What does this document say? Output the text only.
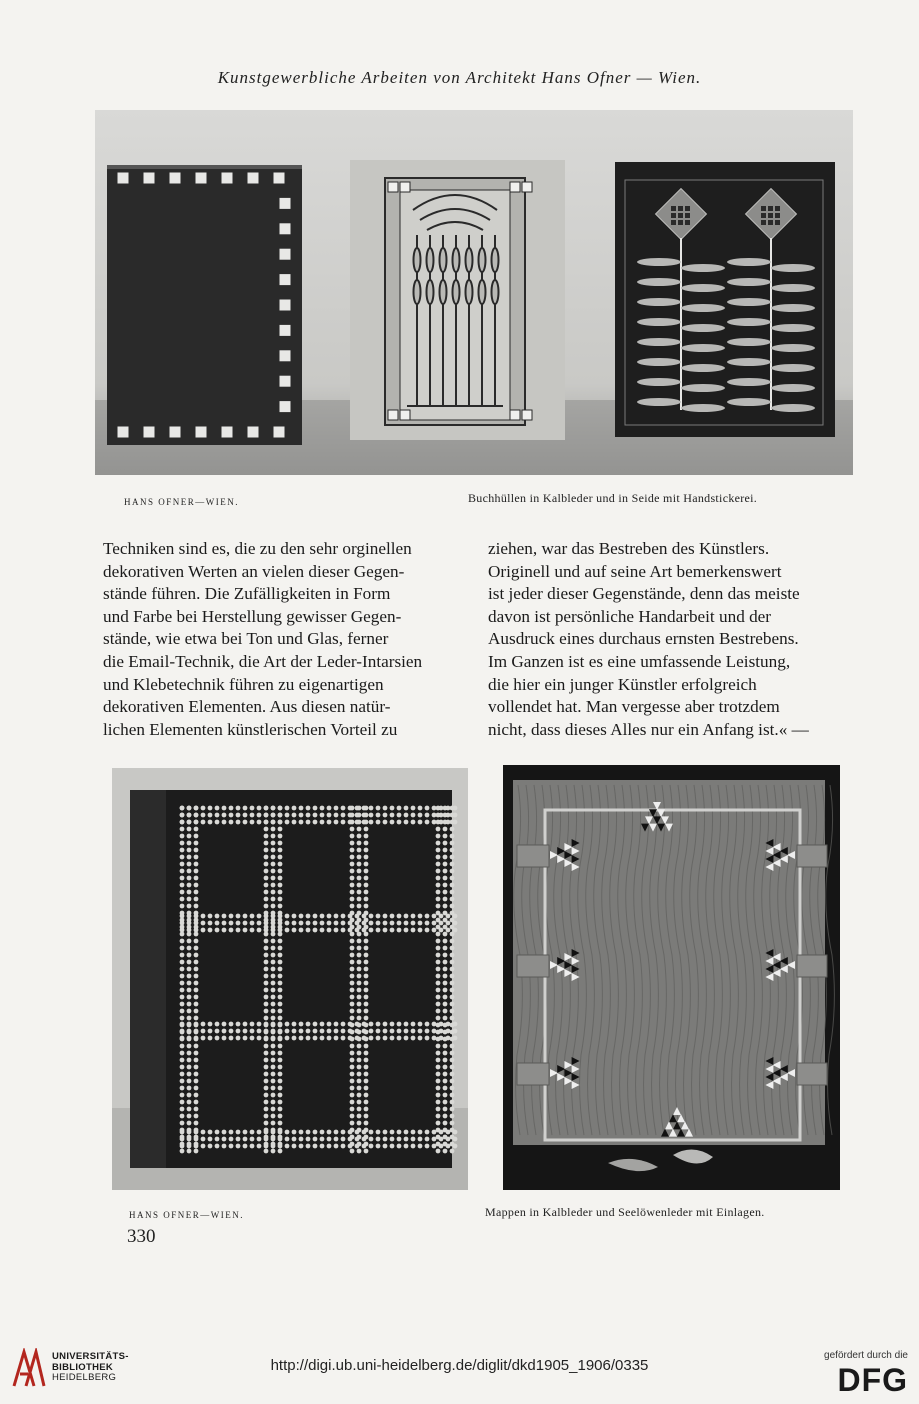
Kunstgewerbliche Arbeiten von Architekt Hans Ofner — Wien.
HANS OFNER—WIEN.	Buchhüllen in Kalbleder und in Seide mit Handstickerei.
Techniken sind es, die zu den sehr orginellen
dekorativen Werten an vielen dieser Gegen-
stände führen. Die Zufälligkeiten in Form
und Farbe bei Herstellung gewisser Gegen-
stände, wie etwa bei Ton und Glas, ferner
die Email-Technik, die Art der Leder-Intarsien
und Klebetechnik führen zu eigenartigen
dekorativen Elementen. Aus diesen natür-
lichen Elementen künstlerischen Vorteil zu
ziehen, war das Bestreben des Künstlers.
Originell und auf seine Art bemerkenswert
ist jeder dieser Gegenstände, denn das meiste
davon ist persönliche Handarbeit und der
Ausdruck eines durchaus ernsten Bestrebens.
Im Ganzen ist es eine umfassende Leistung,
die hier ein junger Künstler erfolgreich
vollendet hat. Man vergesse aber trotzdem
nicht, dass dieses Alles nur ein Anfang ist.« —
HANS OFNER—WIEN.	Mappen in Kalbleder und Seelöwenleder mit Einlagen.
330
UNIVERSITÄTS-
BIBLIOTHEK
HEIDELBERG
http://digi.ub.uni-heidelberg.de/diglit/dkd1905_1906/0335
gefördert durch die
DFG
